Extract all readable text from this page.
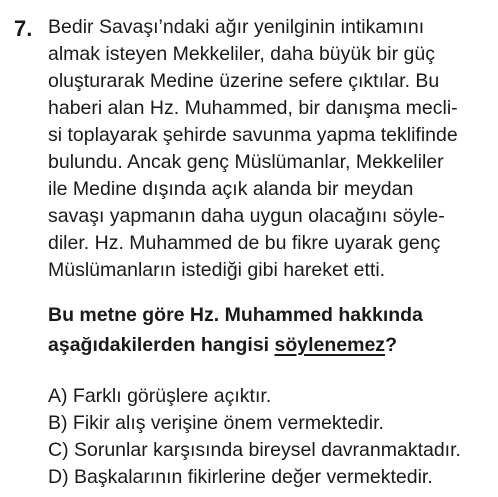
7. Bedir Savaşı’ndaki ağır yenilginin intikamını
almak isteyen Mekkeliler, daha büyük bir güç
oluşturarak Medine üzerine sefere çıktılar. Bu
haberi alan Hz. Muhammed, bir danışma mecli-
si toplayarak şehirde savunma yapma teklifinde
bulundu. Ancak genç Müslümanlar, Mekkeliler
ile Medine dışında açık alanda bir meydan
savaşı yapmanın daha uygun olacağını söyle-
diler. Hz. Muhammed de bu fikre uyarak genç
Müslümanların istediği gibi hareket etti.
Bu metne göre Hz. Muhammed hakkında
aşağıdakilerden hangisi söylenemez?
A) Farklı görüşlere açıktır.
B) Fikir alış verişine önem vermektedir.
C) Sorunlar karşısında bireysel davranmaktadır.
D) Başkalarının fikirlerine değer vermektedir.
